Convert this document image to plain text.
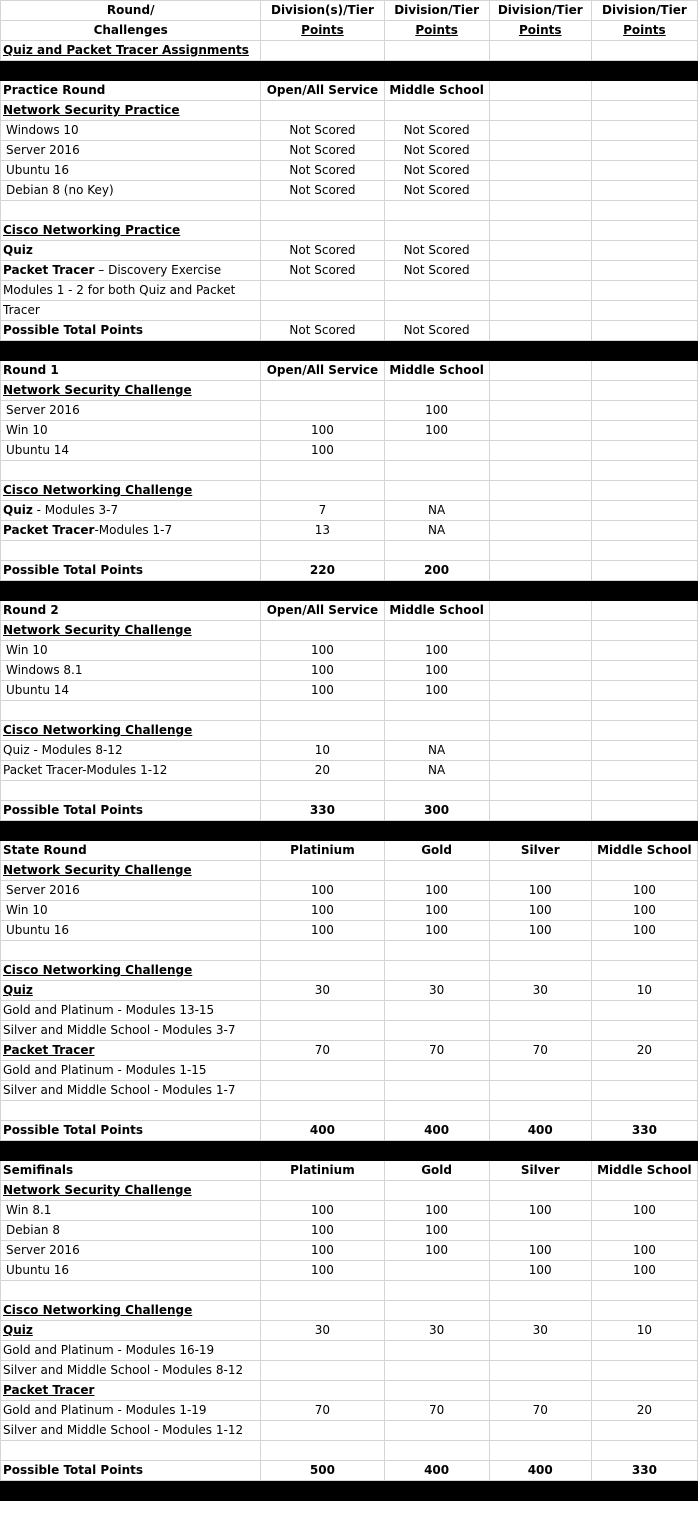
Round/	Division(s)/Tier	Division/Tier	Division/Tier	Division/Tier
Challenges	Points	Points	Points	Points
Quiz and Packet Tracer Assignments				

Practice Round	Open/All Service	Middle School		
Network Security Practice				
Windows 10	Not Scored	Not Scored		
Server 2016	Not Scored	Not Scored		
Ubuntu 16	Not Scored	Not Scored		
Debian 8 (no Key)	Not Scored	Not Scored		

Cisco Networking Practice				
Quiz	Not Scored	Not Scored		
Packet Tracer – Discovery Exercise	Not Scored	Not Scored		
Modules 1 - 2 for both Quiz and Packet				
Tracer				
Possible Total Points	Not Scored	Not Scored		

Round 1	Open/All Service	Middle School		
Network Security Challenge				
Server 2016		100		
Win 10	100	100		
Ubuntu 14	100			

Cisco Networking Challenge				
Quiz - Modules 3-7	7	NA		
Packet Tracer-Modules 1-7	13	NA		

Possible Total Points	220	200		

Round 2	Open/All Service	Middle School		
Network Security Challenge				
Win 10	100	100		
Windows 8.1	100	100		
Ubuntu 14	100	100		

Cisco Networking Challenge				
Quiz - Modules 8-12	10	NA		
Packet Tracer-Modules 1-12	20	NA		

Possible Total Points	330	300		

State Round	Platinium	Gold	Silver	Middle School
Network Security Challenge				
Server 2016	100	100	100	100
Win 10	100	100	100	100
Ubuntu 16	100	100	100	100

Cisco Networking Challenge				
Quiz	30	30	30	10
Gold and Platinum - Modules 13-15				
Silver and Middle School - Modules 3-7				
Packet Tracer	70	70	70	20
Gold and Platinum - Modules 1-15				
Silver and Middle School - Modules 1-7				

Possible Total Points	400	400	400	330

Semifinals	Platinium	Gold	Silver	Middle School
Network Security Challenge				
Win 8.1	100	100	100	100
Debian 8	100	100		
Server 2016	100	100	100	100
Ubuntu 16	100		100	100

Cisco Networking Challenge				
Quiz	30	30	30	10
Gold and Platinum - Modules 16-19				
Silver and Middle School - Modules 8-12				
Packet Tracer				
Gold and Platinum - Modules 1-19	70	70	70	20
Silver and Middle School - Modules 1-12				

Possible Total Points	500	400	400	330
